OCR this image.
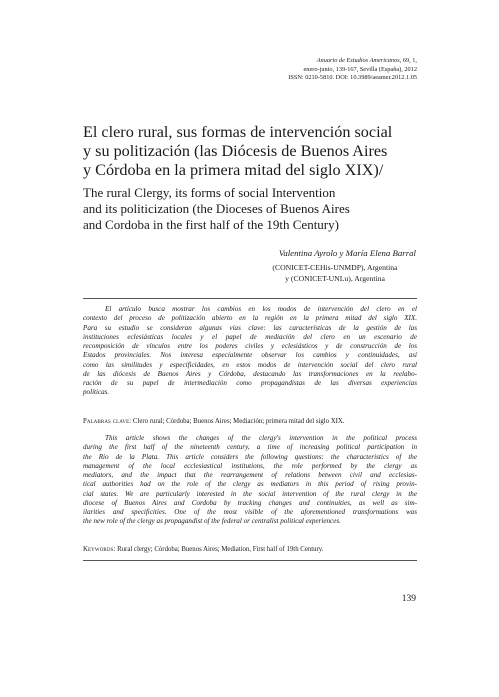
Anuario de Estudios Americanos, 69, 1,
enero-junio, 139-167, Sevilla (España), 2012
ISSN: 0210-5810. DOI: 10.3989/aeamer.2012.1.05
El clero rural, sus formas de intervención social
y su politización (las Diócesis de Buenos Aires
y Córdoba en la primera mitad del siglo XIX)/
The rural Clergy, its forms of social Intervention
and its politicization (the Dioceses of Buenos Aires
and Cordoba in the first half of the 19th Century)
Valentina Ayrolo y María Elena Barral
(CONICET-CEHis-UNMDP), Argentina
y (CONICET-UNLu), Argentina
El artículo busca mostrar los cambios en los modos de intervención del clero en el
contexto del proceso de politización abierto en la región en la primera mitad del siglo XIX.
Para su estudio se consideran algunas vías clave: las características de la gestión de las
instituciones eclesiásticas locales y el papel de mediación del clero en un escenario de
recomposición de vínculos entre los poderes civiles y eclesiásticos y de construcción de los
Estados provinciales. Nos interesa especialmente observar los cambios y continuidades, así
como las similitudes y especificidades, en estos modos de intervención social del clero rural
de las diócesis de Buenos Aires y Córdoba, destacando las transformaciones en la reelabo-
ración de su papel de intermediación como propagandistas de las diversas experiencias
políticas.
Palabras clave: Clero rural; Córdoba; Buenos Aires; Mediación; primera mitad del siglo XIX.
This article shows the changes of the clergy's intervention in the political process
during the first half of the nineteenth century, a time of increasing political participation in
the Río de la Plata. This article considers the following questions: the characteristics of the
management of the local ecclesiastical institutions, the role performed by the clergy as
mediators, and the impact that the rearrangement of relations between civil and ecclesias-
tical authorities had on the role of the clergy as mediators in this period of rising provin-
cial states. We are particularly interested in the social intervention of the rural clergy in the
diocese of Buenos Aires and Cordoba by tracking changes and continuities, as well as sim-
ilarities and specificities. One of the most visible of the aforementioned transformations was
the new role of the clergy as propagandist of the federal or centralist political experiences.
Keywords: Rural clergy; Córdoba; Buenos Aires; Mediation, First half of 19th Century.
139
